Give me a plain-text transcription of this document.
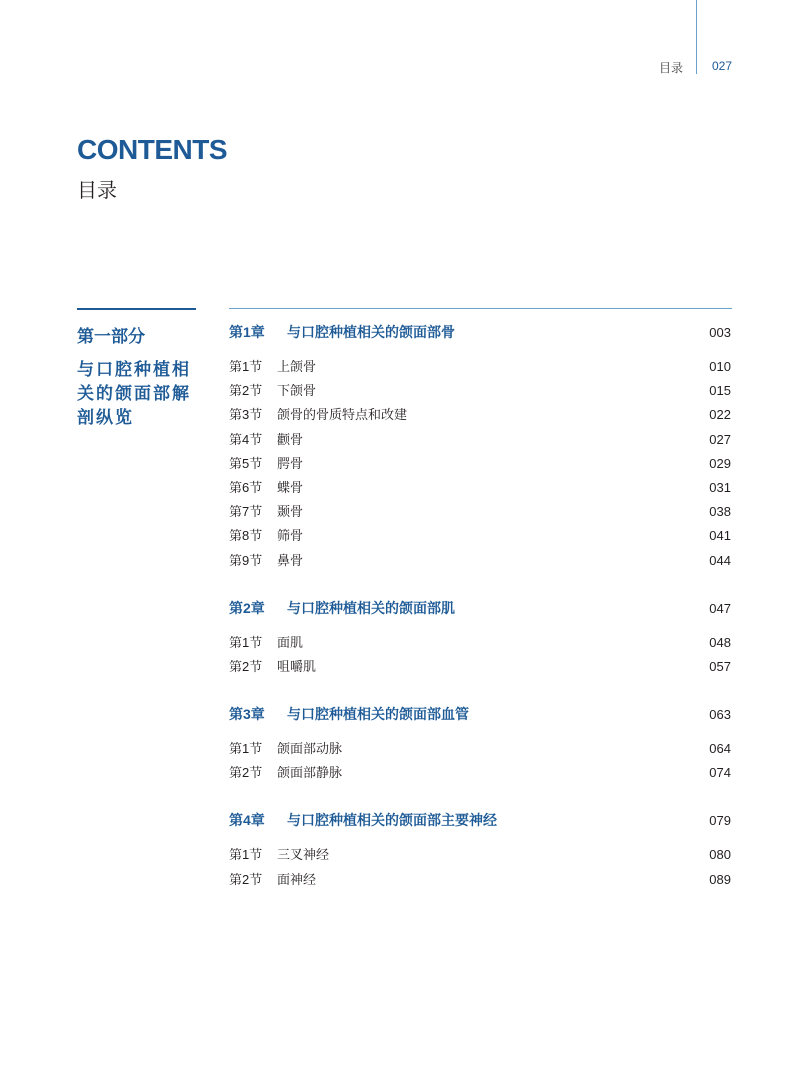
目录 027
CONTENTS
目录
第一部分
与口腔种植相关的颌面部解剖纵览
第1章 与口腔种植相关的颌面部骨	003
第1节 上颌骨	010
第2节 下颌骨	015
第3节 颌骨的骨质特点和改建	022
第4节 颧骨	027
第5节 腭骨	029
第6节 蝶骨	031
第7节 颞骨	038
第8节 筛骨	041
第9节 鼻骨	044
第2章 与口腔种植相关的颌面部肌	047
第1节 面肌	048
第2节 咀嚼肌	057
第3章 与口腔种植相关的颌面部血管	063
第1节 颌面部动脉	064
第2节 颌面部静脉	074
第4章 与口腔种植相关的颌面部主要神经	079
第1节 三叉神经	080
第2节 面神经	089
